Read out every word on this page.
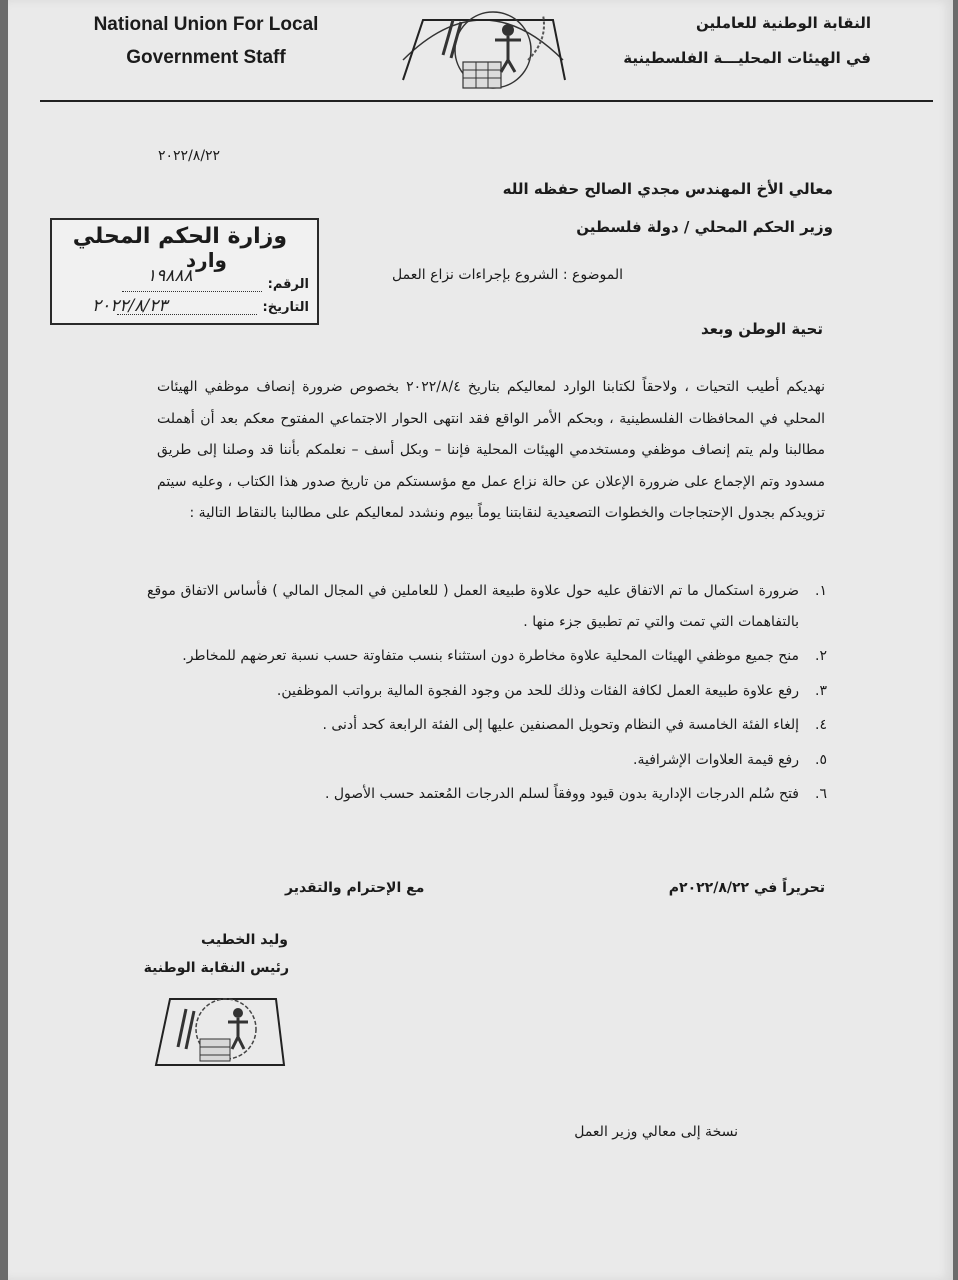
National Union For Local
Government Staff
النقابة الوطنية للعاملين
في الهيئات المحليـــة الفلسطينية
٢٠٢٢/٨/٢٢
معالي الأخ المهندس مجدي الصالح حفظه الله
وزير الحكم المحلي / دولة فلسطين
وزارة الحكم المحلي
وارد
الرقم:
١٩٨٨٨
التاريخ:
٢٠٢٢/٨/٢٣
الموضوع : الشروع بإجراءات نزاع العمل
تحية الوطن وبعد
نهديكم أطيب التحيات ، ولاحقاً لكتابنا الوارد لمعاليكم بتاريخ ٢٠٢٢/٨/٤ بخصوص ضرورة إنصاف موظفي الهيئات المحلي في المحافظات الفلسطينية ، وبحكم الأمر الواقع فقد انتهى الحوار الاجتماعي المفتوح معكم بعد أن أهملت مطالبنا ولم يتم إنصاف موظفي ومستخدمي الهيئات المحلية فإننا – وبكل أسف – نعلمكم بأننا قد وصلنا إلى طريق مسدود وتم الإجماع على ضرورة الإعلان عن حالة نزاع عمل مع مؤسستكم من تاريخ صدور هذا الكتاب ، وعليه سيتم تزويدكم بجدول الإحتجاجات والخطوات التصعيدية لنقابتنا يوماً بيوم ونشدد لمعاليكم على مطالبنا بالنقاط التالية :
١.
ضرورة استكمال ما تم الاتفاق عليه حول علاوة طبيعة العمل ( للعاملين في المجال المالي ) فأساس الاتفاق موقع بالتفاهمات التي تمت والتي تم تطبيق جزء منها .
٢.
منح جميع موظفي الهيئات المحلية علاوة مخاطرة دون استثناء بنسب متفاوتة حسب نسبة تعرضهم للمخاطر.
٣.
رفع علاوة طبيعة العمل لكافة الفئات وذلك للحد من وجود الفجوة المالية برواتب الموظفين.
٤.
إلغاء الفئة الخامسة في النظام وتحويل المصنفين عليها إلى الفئة الرابعة كحد أدنى .
٥.
رفع قيمة العلاوات الإشرافية.
٦.
فتح سُلم الدرجات الإدارية بدون قيود ووفقاً لسلم الدرجات المُعتمد حسب الأصول .
تحريراً في ٢٠٢٢/٨/٢٢م
مع الإحترام والتقدير
وليد الخطيب
رئيس النقابة الوطنية
نسخة إلى معالي وزير العمل
